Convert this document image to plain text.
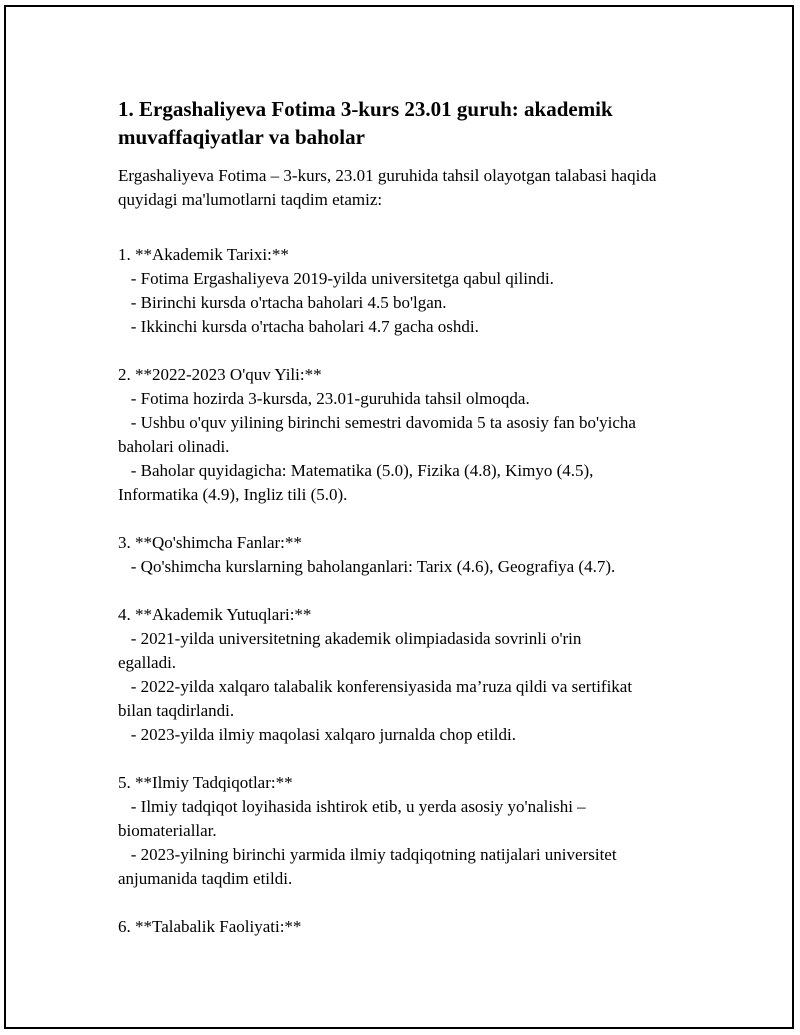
1. Ergashaliyeva Fotima 3-kurs 23.01 guruh: akademik muvaffaqiyatlar va baholar

Ergashaliyeva Fotima – 3-kurs, 23.01 guruhida tahsil olayotgan talabasi haqida quyidagi ma'lumotlarni taqdim etamiz:

1. **Akademik Tarixi:**

- Fotima Ergashaliyeva 2019-yilda universitetga qabul qilindi.

- Birinchi kursda o'rtacha baholari 4.5 bo'lgan.

- Ikkinchi kursda o'rtacha baholari 4.7 gacha oshdi.

2. **2022-2023 O'quv Yili:**

- Fotima hozirda 3-kursda, 23.01-guruhida tahsil olmoqda.

- Ushbu o'quv yilining birinchi semestri davomida 5 ta asosiy fan bo'yicha

baholari olinadi.

- Baholar quyidagicha: Matematika (5.0), Fizika (4.8), Kimyo (4.5),

Informatika (4.9), Ingliz tili (5.0).

3. **Qo'shimcha Fanlar:**

- Qo'shimcha kurslarning baholanganlari: Tarix (4.6), Geografiya (4.7).

4. **Akademik Yutuqlari:**

- 2021-yilda universitetning akademik olimpiadasida sovrinli o'rin

egalladi.

- 2022-yilda xalqaro talabalik konferensiyasida ma’ruza qildi va sertifikat

bilan taqdirlandi.

- 2023-yilda ilmiy maqolasi xalqaro jurnalda chop etildi.

5. **Ilmiy Tadqiqotlar:**

- Ilmiy tadqiqot loyihasida ishtirok etib, u yerda asosiy yo'nalishi –

biomateriallar.

- 2023-yilning birinchi yarmida ilmiy tadqiqotning natijalari universitet

anjumanida taqdim etildi.

6. **Talabalik Faoliyati:**
